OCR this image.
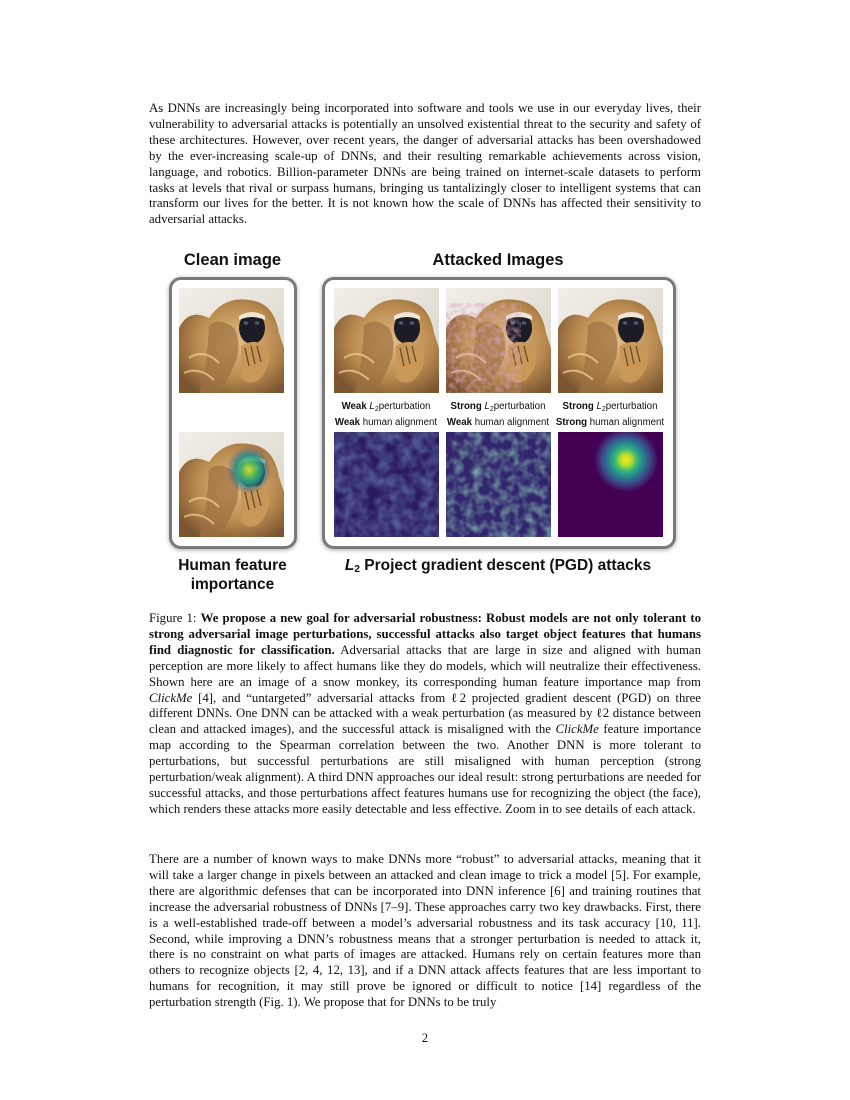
As DNNs are increasingly being incorporated into software and tools we use in our everyday lives, their vulnerability to adversarial attacks is potentially an unsolved existential threat to the security and safety of these architectures. However, over recent years, the danger of adversarial attacks has been overshadowed by the ever-increasing scale-up of DNNs, and their resulting remarkable achievements across vision, language, and robotics. Billion-parameter DNNs are being trained on internet-scale datasets to perform tasks at levels that rival or surpass humans, bringing us tantalizingly closer to intelligent systems that can transform our lives for the better. It is not known how the scale of DNNs has affected their sensitivity to adversarial attacks.
Clean image	Attacked Images
Weak $L_2perturbation$
Weak human alignment
Strong $L_2perturbation$
Weak human alignment
Strong $L_2perturbation$
Strong human alignment
Human feature importance
$L_2$ Project gradient descent (PGD) attacks
Figure 1: We propose a new goal for adversarial robustness: Robust models are not only tolerant to strong adversarial image perturbations, successful attacks also target object features that humans find diagnostic for classification. Adversarial attacks that are large in size and aligned with human perception are more likely to affect humans like they do models, which will neutralize their effectiveness. Shown here are an image of a snow monkey, its corresponding human feature importance map from ClickMe [4], and “untargeted” adversarial attacks from ℓ2 projected gradient descent (PGD) on three different DNNs. One DNN can be attacked with a weak perturbation (as measured by ℓ2 distance between clean and attacked images), and the successful attack is misaligned with the ClickMe feature importance map according to the Spearman correlation between the two. Another DNN is more tolerant to perturbations, but successful perturbations are still misaligned with human perception (strong perturbation/weak alignment). A third DNN approaches our ideal result: strong perturbations are needed for successful attacks, and those perturbations affect features humans use for recognizing the object (the face), which renders these attacks more easily detectable and less effective. Zoom in to see details of each attack.
There are a number of known ways to make DNNs more “robust” to adversarial attacks, meaning that it will take a larger change in pixels between an attacked and clean image to trick a model [5]. For example, there are algorithmic defenses that can be incorporated into DNN inference [6] and training routines that increase the adversarial robustness of DNNs [7–9]. These approaches carry two key drawbacks. First, there is a well-established trade-off between a model’s adversarial robustness and its task accuracy [10, 11]. Second, while improving a DNN’s robustness means that a stronger perturbation is needed to attack it, there is no constraint on what parts of images are attacked. Humans rely on certain features more than others to recognize objects [2, 4, 12, 13], and if a DNN attack affects features that are less important to humans for recognition, it may still prove be ignored or difficult to notice [14] regardless of the perturbation strength (Fig. 1). We propose that for DNNs to be truly
2
